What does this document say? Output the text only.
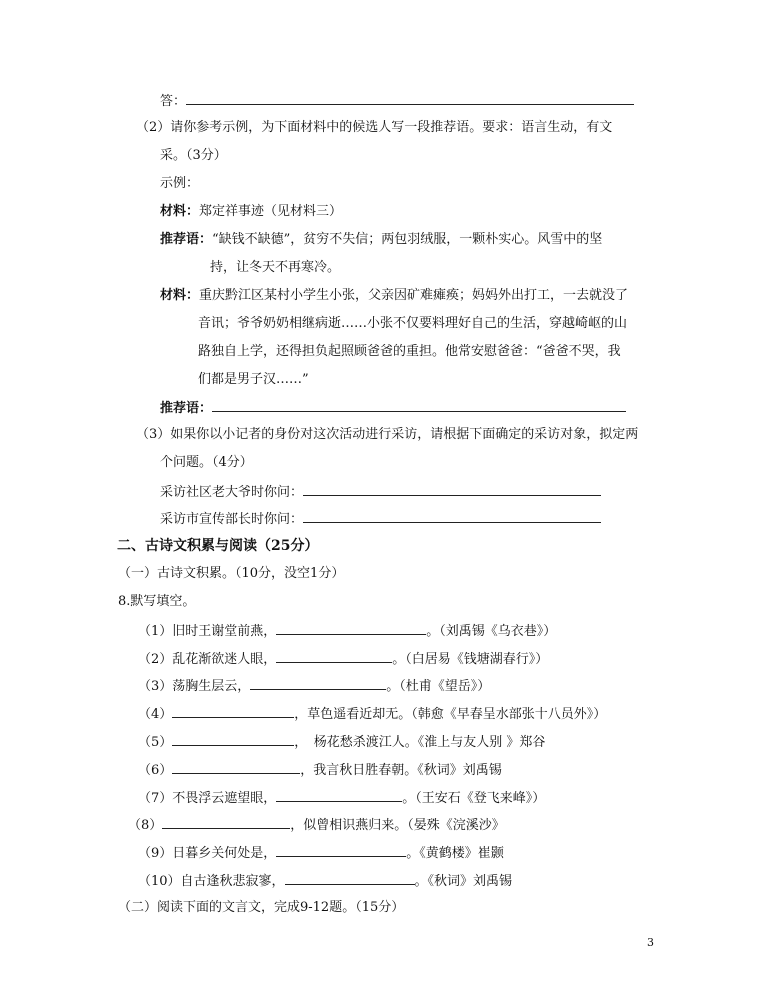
答：
（2）请你参考示例，为下面材料中的候选人写一段推荐语。要求：语言生动，有文
采。（3分）
示例：
材料：郑定祥事迹（见材料三）
推荐语：“缺钱不缺德”，贫穷不失信；两包羽绒服，一颗朴实心。风雪中的坚
持，让冬天不再寒冷。
材料：重庆黔江区某村小学生小张，父亲因矿难瘫痪；妈妈外出打工，一去就没了
音讯；爷爷奶奶相继病逝……小张不仅要料理好自己的生活，穿越崎岖的山
路独自上学，还得担负起照顾爸爸的重担。他常安慰爸爸：“爸爸不哭，我
们都是男子汉……”
推荐语：
（3）如果你以小记者的身份对这次活动进行采访，请根据下面确定的采访对象，拟定两
个问题。（4分）
采访社区老大爷时你问：
采访市宣传部长时你问：
二、古诗文积累与阅读（25分）
（一）古诗文积累。（10分，没空1分）
8.默写填空。
（1）旧时王谢堂前燕，	。（刘禹锡《乌衣巷》）
（2）乱花渐欲迷人眼，	。（白居易《钱塘湖春行》）
（3）荡胸生层云，	。（杜甫《望岳》）
（4）	，草色遥看近却无。（韩愈《早春呈水部张十八员外》）
（5）	，　杨花愁杀渡江人。《淮上与友人别 》郑谷
（6）	，我言秋日胜春朝。《秋词》刘禹锡
（7）不畏浮云遮望眼，	。（王安石《登飞来峰》）
（8）	，似曾相识燕归来。（晏殊《浣溪沙》
（9）日暮乡关何处是，	。《黄鹤楼》崔颢
（10）自古逢秋悲寂寥，	。《秋词》刘禹锡
（二）阅读下面的文言文，完成9-12题。（15分）
3
